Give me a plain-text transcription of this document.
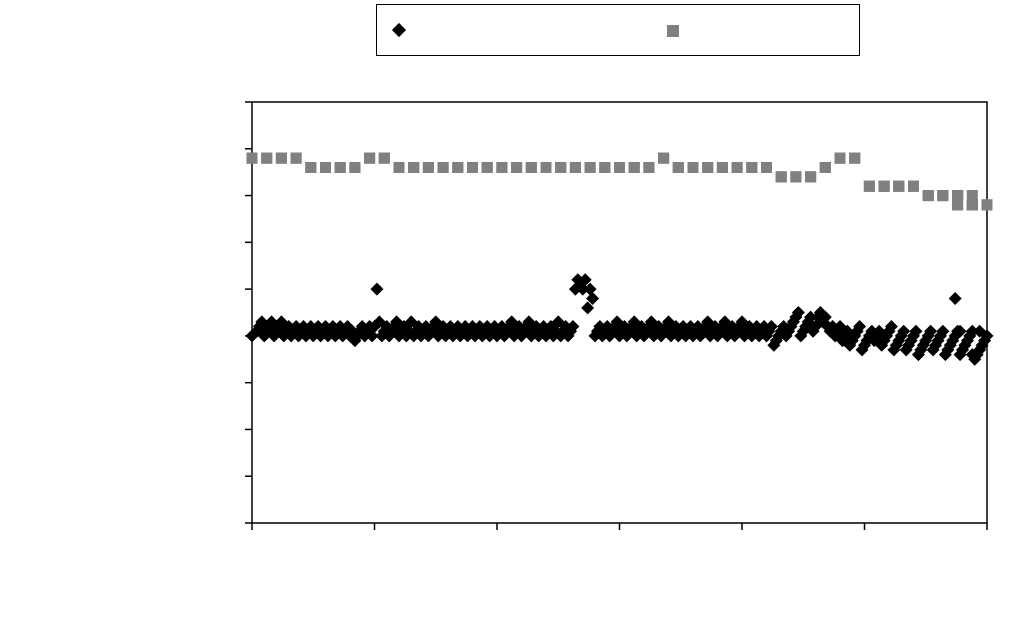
0
50
100
150
200
250
300
350
400
450
0	50	100	150	200	250	300
Series 1	Series 2
